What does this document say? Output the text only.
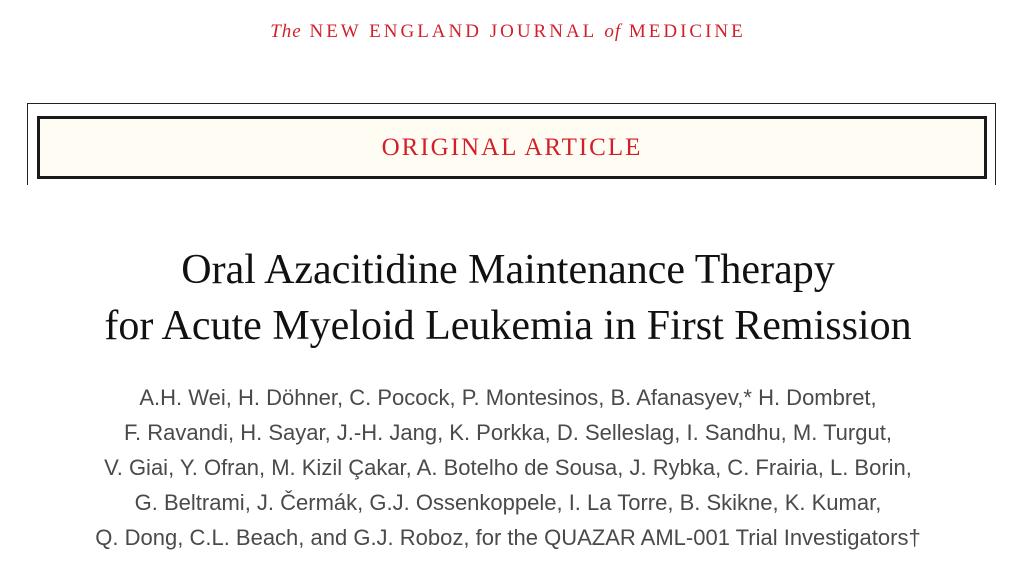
The NEW ENGLAND JOURNAL of MEDICINE
ORIGINAL ARTICLE
Oral Azacitidine Maintenance Therapy
for Acute Myeloid Leukemia in First Remission
A.H. Wei, H. Döhner, C. Pocock, P. Montesinos, B. Afanasyev,* H. Dombret,
F. Ravandi, H. Sayar, J.-H. Jang, K. Porkka, D. Selleslag, I. Sandhu, M. Turgut,
V. Giai, Y. Ofran, M. Kizil Çakar, A. Botelho de Sousa, J. Rybka, C. Frairia, L. Borin,
G. Beltrami, J. Čermák, G.J. Ossenkoppele, I. La Torre, B. Skikne, K. Kumar,
Q. Dong, C.L. Beach, and G.J. Roboz, for the QUAZAR AML-001 Trial Investigators†
